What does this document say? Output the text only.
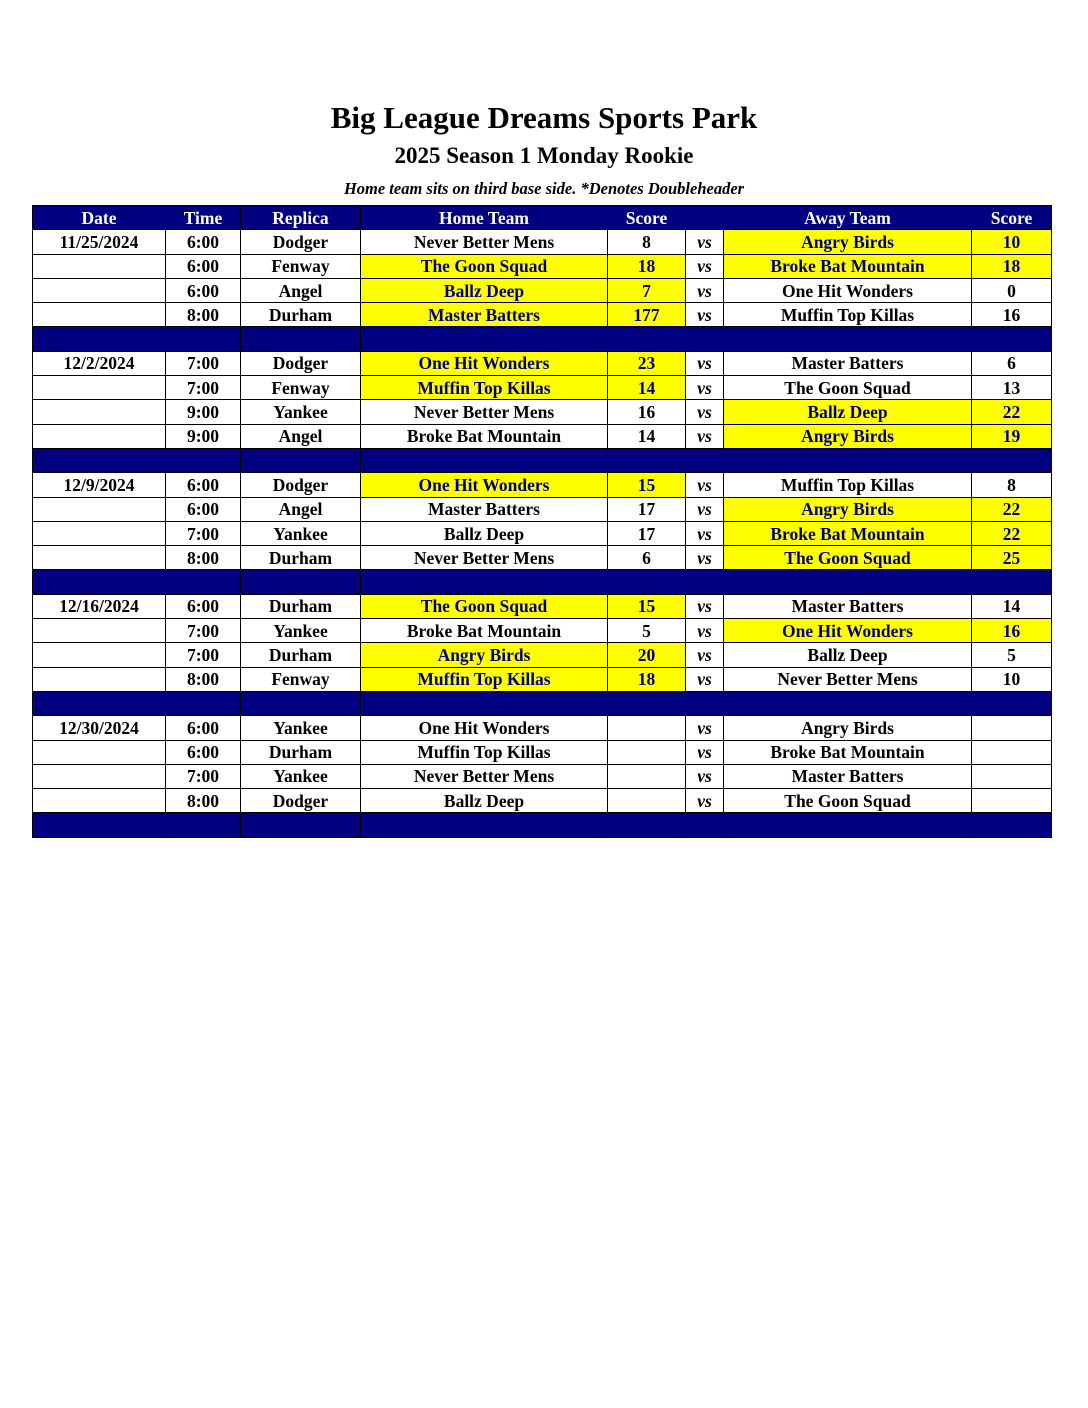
Big League Dreams Sports Park
2025 Season 1 Monday Rookie
Home team sits on third base side. *Denotes Doubleheader
Date	Time	Replica	Home Team	Score		Away Team	Score
11/25/2024	6:00	Dodger	Never Better Mens	8	vs	Angry Birds	10
	6:00	Fenway	The Goon Squad	18	vs	Broke Bat Mountain	18
	6:00	Angel	Ballz Deep	7	vs	One Hit Wonders	0
	8:00	Durham	Master Batters	177	vs	Muffin Top Killas	16

12/2/2024	7:00	Dodger	One Hit Wonders	23	vs	Master Batters	6
	7:00	Fenway	Muffin Top Killas	14	vs	The Goon Squad	13
	9:00	Yankee	Never Better Mens	16	vs	Ballz Deep	22
	9:00	Angel	Broke Bat Mountain	14	vs	Angry Birds	19

12/9/2024	6:00	Dodger	One Hit Wonders	15	vs	Muffin Top Killas	8
	6:00	Angel	Master Batters	17	vs	Angry Birds	22
	7:00	Yankee	Ballz Deep	17	vs	Broke Bat Mountain	22
	8:00	Durham	Never Better Mens	6	vs	The Goon Squad	25

12/16/2024	6:00	Durham	The Goon Squad	15	vs	Master Batters	14
	7:00	Yankee	Broke Bat Mountain	5	vs	One Hit Wonders	16
	7:00	Durham	Angry Birds	20	vs	Ballz Deep	5
	8:00	Fenway	Muffin Top Killas	18	vs	Never Better Mens	10

12/30/2024	6:00	Yankee	One Hit Wonders		vs	Angry Birds	
	6:00	Durham	Muffin Top Killas		vs	Broke Bat Mountain	
	7:00	Yankee	Never Better Mens		vs	Master Batters	
	8:00	Dodger	Ballz Deep		vs	The Goon Squad	
